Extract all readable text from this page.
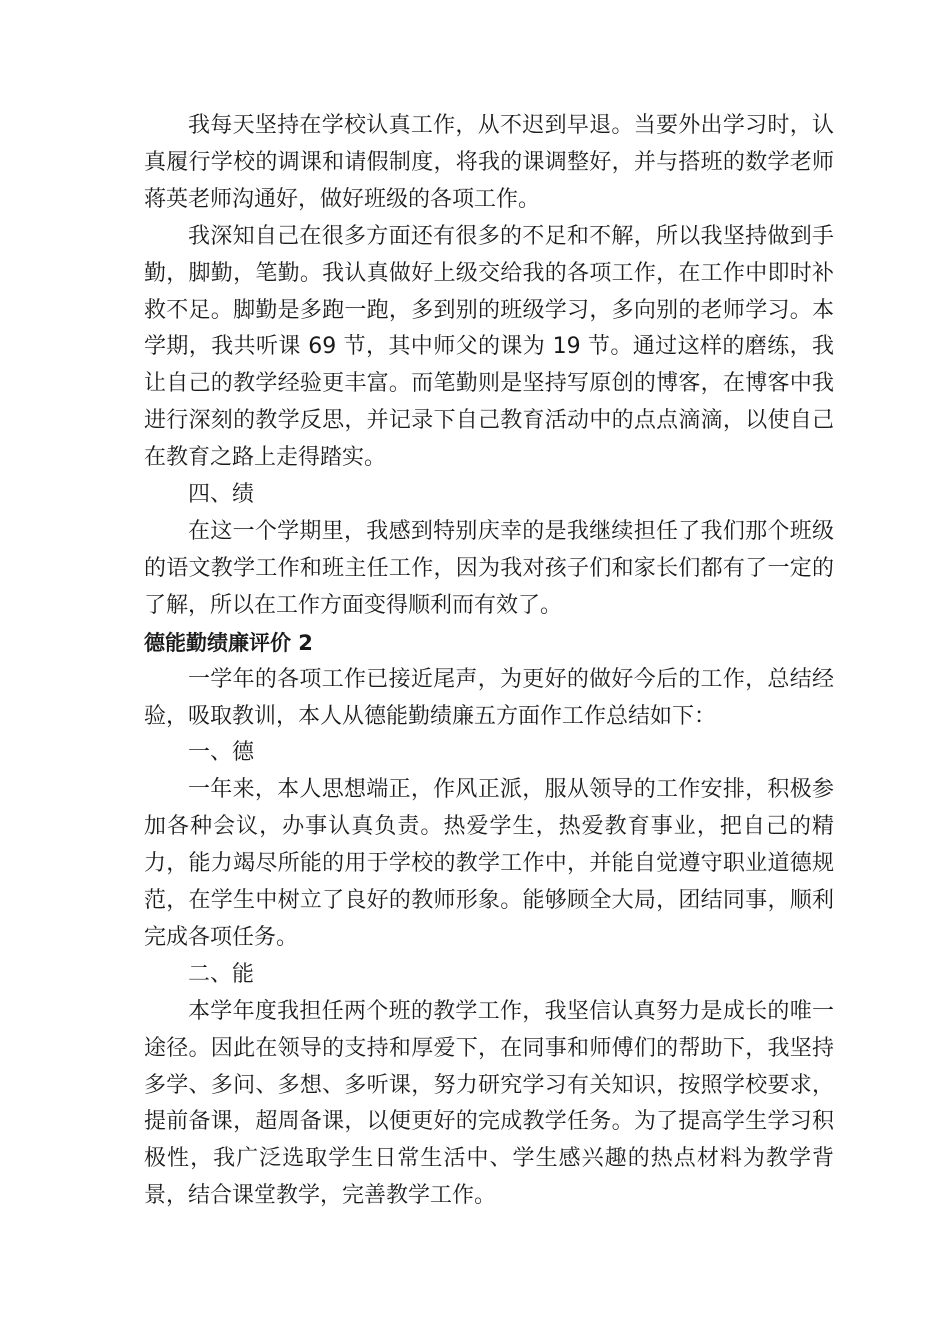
我每天坚持在学校认真工作，从不迟到早退。当要外出学习时，认真履行学校的调课和请假制度，将我的课调整好，并与搭班的数学老师蒋英老师沟通好，做好班级的各项工作。

我深知自己在很多方面还有很多的不足和不解，所以我坚持做到手勤，脚勤，笔勤。我认真做好上级交给我的各项工作，在工作中即时补救不足。脚勤是多跑一跑，多到别的班级学习，多向别的老师学习。本学期，我共听课 69 节，其中师父的课为 19 节。通过这样的磨练，我让自己的教学经验更丰富。而笔勤则是坚持写原创的博客，在博客中我进行深刻的教学反思，并记录下自己教育活动中的点点滴滴，以使自己在教育之路上走得踏实。

四、绩

在这一个学期里，我感到特别庆幸的是我继续担任了我们那个班级的语文教学工作和班主任工作，因为我对孩子们和家长们都有了一定的了解，所以在工作方面变得顺利而有效了。

德能勤绩廉评价 2

一学年的各项工作已接近尾声，为更好的做好今后的工作，总结经验，吸取教训，本人从德能勤绩廉五方面作工作总结如下：

一、德

一年来，本人思想端正，作风正派，服从领导的工作安排，积极参加各种会议，办事认真负责。热爱学生，热爱教育事业，把自己的精力，能力竭尽所能的用于学校的教学工作中，并能自觉遵守职业道德规范，在学生中树立了良好的教师形象。能够顾全大局，团结同事，顺利完成各项任务。

二、能

本学年度我担任两个班的教学工作，我坚信认真努力是成长的唯一途径。因此在领导的支持和厚爱下，在同事和师傅们的帮助下，我坚持多学、多问、多想、多听课，努力研究学习有关知识，按照学校要求，提前备课，超周备课，以便更好的完成教学任务。为了提高学生学习积极性，我广泛选取学生日常生活中、学生感兴趣的热点材料为教学背景，结合课堂教学，完善教学工作。
